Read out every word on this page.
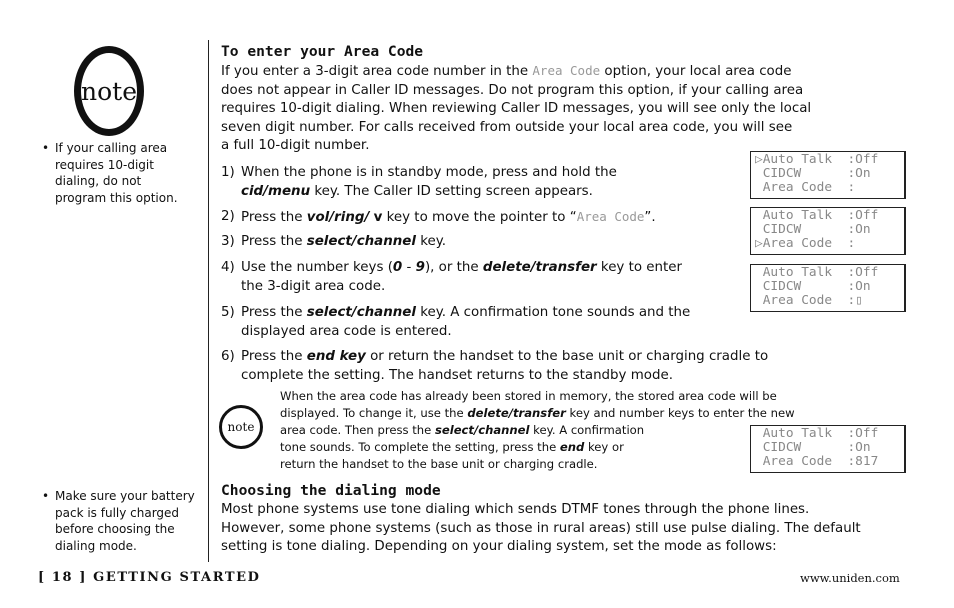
note
• If your calling area
requires 10-digit
dialing, do not
program this option.
• Make sure your battery
pack is fully charged
before choosing the
dialing mode.
To enter your Area Code
If you enter a 3-digit area code number in the Area Code option, your local area code
does not appear in Caller ID messages. Do not program this option, if your calling area
requires 10-digit dialing. When reviewing Caller ID messages, you will see only the local
seven digit number. For calls received from outside your local area code, you will see
a full 10-digit number.
1) When the phone is in standby mode, press and hold the
cid/menu key. The Caller ID setting screen appears.
2) Press the vol/ring/ v key to move the pointer to “Area Code”.
3) Press the select/channel key.
4) Use the number keys (0 - 9), or the delete/transfer key to enter
the 3-digit area code.
5) Press the select/channel key. A confirmation tone sounds and the
displayed area code is entered.
6) Press the end key or return the handset to the base unit or charging cradle to
complete the setting. The handset returns to the standby mode.
note
When the area code has already been stored in memory, the stored area code will be
displayed. To change it, use the delete/transfer key and number keys to enter the new
area code. Then press the select/channel key. A confirmation
tone sounds. To complete the setting, press the end key or
return the handset to the base unit or charging cradle.
▷Auto Talk  :Off
CIDCW      :On
Area Code  :
Auto Talk  :Off
CIDCW      :On
▷Area Code  :
Auto Talk  :Off
CIDCW      :On
Area Code  :▯
Auto Talk  :Off
CIDCW      :On
Area Code  :817
Choosing the dialing mode
Most phone systems use tone dialing which sends DTMF tones through the phone lines.
However, some phone systems (such as those in rural areas) still use pulse dialing. The default
setting is tone dialing. Depending on your dialing system, set the mode as follows:
[ 18 ] GETTING STARTED	www.uniden.com
